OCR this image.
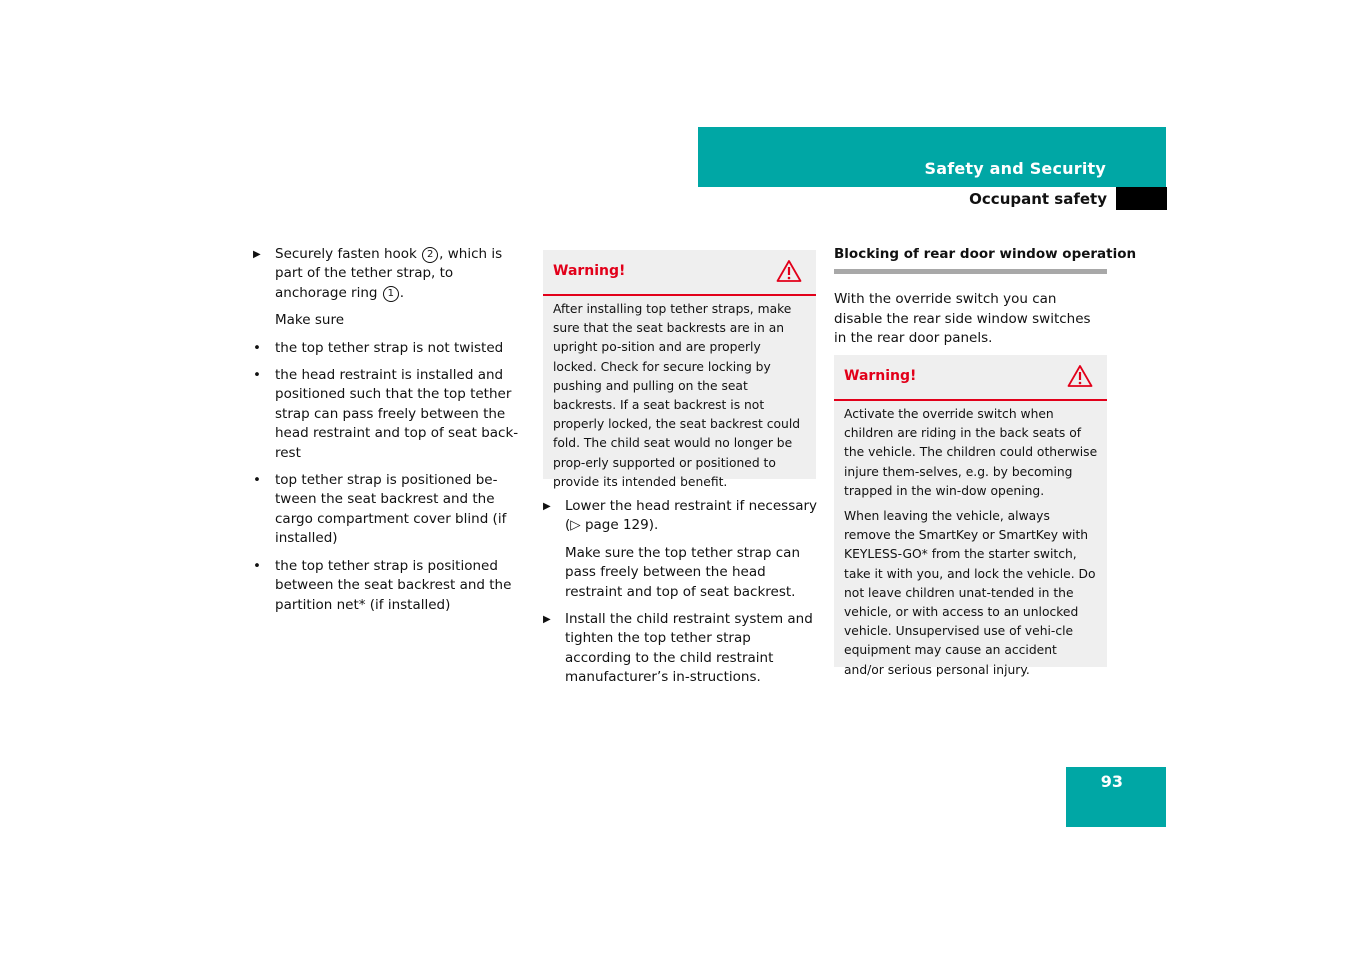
Safety and Security
Occupant safety

▶ Securely fasten hook 2 , which is part of the tether strap, to anchorage ring 1 .

Make sure

• the top tether strap is not twisted

• the head restraint is installed and positioned such that the top tether strap can pass freely between the head restraint and top of seat back-rest

• top tether strap is positioned be-tween the seat backrest and the cargo compartment cover blind (if installed)

• the top tether strap is positioned between the seat backrest and the partition net* (if installed)

Warning!

After installing top tether straps, make sure that the seat backrests are in an upright po-sition and are properly locked. Check for secure locking by pushing and pulling on the seat backrests. If a seat backrest is not properly locked, the seat backrest could fold. The child seat would no longer be prop-erly supported or positioned to provide its intended benefit.

▶ Lower the head restraint if necessary (▷ page 129).

Make sure the top tether strap can pass freely between the head restraint and top of seat backrest.

▶ Install the child restraint system and tighten the top tether strap according to the child restraint manufacturer’s in-structions.

Blocking of rear door window operation

With the override switch you can disable the rear side window switches in the rear door panels.

Warning!

Activate the override switch when children are riding in the back seats of the vehicle. The children could otherwise injure them-selves, e.g. by becoming trapped in the win-dow opening.

When leaving the vehicle, always remove the SmartKey or SmartKey with KEYLESS-GO* from the starter switch, take it with you, and lock the vehicle. Do not leave children unat-tended in the vehicle, or with access to an unlocked vehicle. Unsupervised use of vehi-cle equipment may cause an accident and/or serious personal injury.

93
